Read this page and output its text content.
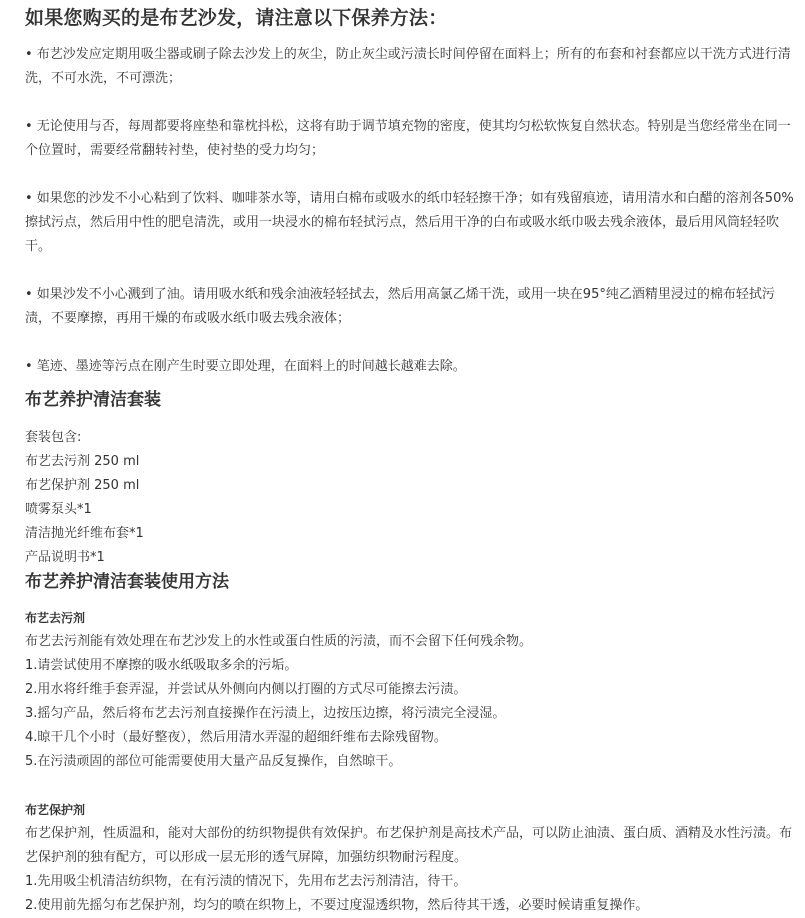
如果您购买的是布艺沙发，请注意以下保养方法：

• 布艺沙发应定期用吸尘器或刷子除去沙发上的灰尘，防止灰尘或污渍长时间停留在面料上；所有的布套和衬套都应以干洗方式进行清洗，不可水洗，不可漂洗；

• 无论使用与否，每周都要将座垫和靠枕抖松，这将有助于调节填充物的密度，使其均匀松软恢复自然状态。特别是当您经常坐在同一个位置时，需要经常翻转衬垫，使衬垫的受力均匀；

• 如果您的沙发不小心粘到了饮料、咖啡茶水等，请用白棉布或吸水的纸巾轻轻擦干净；如有残留痕迹，请用清水和白醋的溶剂各50%擦拭污点，然后用中性的肥皂清洗，或用一块浸水的棉布轻拭污点，然后用干净的白布或吸水纸巾吸去残余液体，最后用风筒轻轻吹干。

• 如果沙发不小心溅到了油。请用吸水纸和残余油液轻轻拭去，然后用高氯乙烯干洗，或用一块在95°纯乙酒精里浸过的棉布轻拭污渍，不要摩擦，再用干燥的布或吸水纸巾吸去残余液体；

• 笔迹、墨迹等污点在刚产生时要立即处理，在面料上的时间越长越难去除。

布艺养护清洁套装

套装包含:

布艺去污剂 250 ml

布艺保护剂 250 ml

喷雾泵头*1

清洁抛光纤维布套*1

产品说明书*1

布艺养护清洁套装使用方法
布艺去污剂

布艺去污剂能有效处理在布艺沙发上的水性或蛋白性质的污渍，而不会留下任何残余物。

1.请尝试使用不摩擦的吸水纸吸取多余的污垢。

2.用水将纤维手套弄湿，并尝试从外侧向内侧以打圈的方式尽可能擦去污渍。

3.摇匀产品，然后将布艺去污剂直接操作在污渍上，边按压边擦，将污渍完全浸湿。

4.晾干几个小时（最好整夜），然后用清水弄湿的超细纤维布去除残留物。

5.在污渍顽固的部位可能需要使用大量产品反复操作，自然晾干。

布艺保护剂

布艺保护剂，性质温和，能对大部份的纺织物提供有效保护。布艺保护剂是高技术产品，可以防止油渍、蛋白质、酒精及水性污渍。布艺保护剂的独有配方，可以形成一层无形的透气屏障，加强纺织物耐污程度。

1.先用吸尘机清洁纺织物，在有污渍的情况下，先用布艺去污剂清洁，待干。

2.使用前先摇匀布艺保护剂，均匀的喷在织物上，不要过度湿透织物，然后待其干透，必要时候请重复操作。
